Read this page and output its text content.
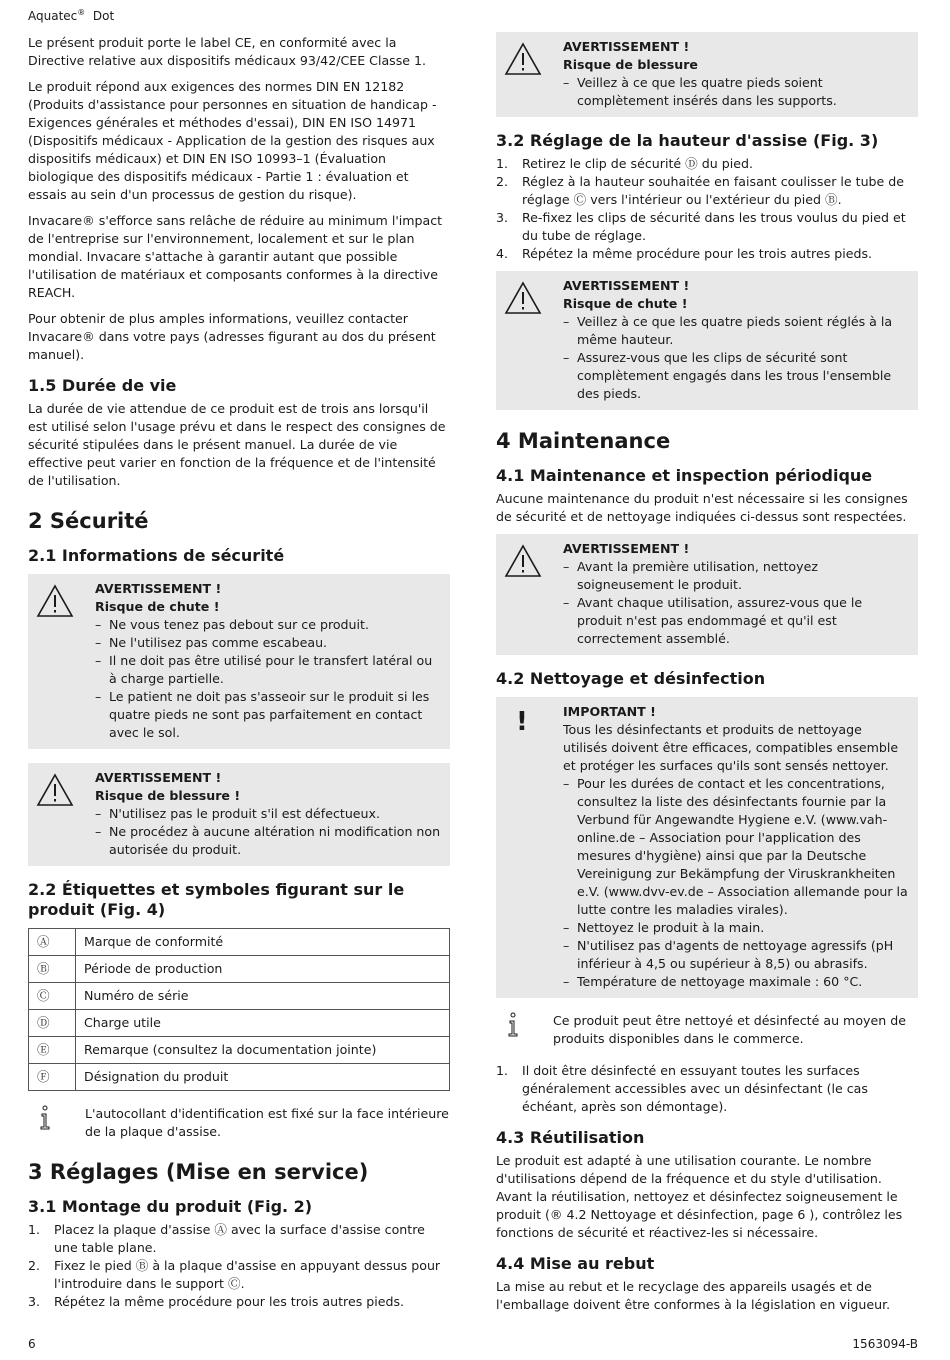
Aquatec® Dot

Le présent produit porte le label CE, en conformité avec la Directive relative aux dispositifs médicaux 93/42/CEE Classe 1.

Le produit répond aux exigences des normes DIN EN 12182 (Produits d'assistance pour personnes en situation de handicap - Exigences générales et méthodes d'essai), DIN EN ISO 14971 (Dispositifs médicaux - Application de la gestion des risques aux dispositifs médicaux) et DIN EN ISO 10993–1 (Évaluation biologique des dispositifs médicaux - Partie 1 : évaluation et essais au sein d'un processus de gestion du risque).

Invacare® s'efforce sans relâche de réduire au minimum l'impact de l'entreprise sur l'environnement, localement et sur le plan mondial. Invacare s'attache à garantir autant que possible l'utilisation de matériaux et composants conformes à la directive REACH.

Pour obtenir de plus amples informations, veuillez contacter Invacare® dans votre pays (adresses figurant au dos du présent manuel).

1.5 Durée de vie

La durée de vie attendue de ce produit est de trois ans lorsqu'il est utilisé selon l'usage prévu et dans le respect des consignes de sécurité stipulées dans le présent manuel. La durée de vie effective peut varier en fonction de la fréquence et de l'intensité de l'utilisation.

2 Sécurité
2.1 Informations de sécurité
AVERTISSEMENT !
Risque de chute !
– Ne vous tenez pas debout sur ce produit.
– Ne l'utilisez pas comme escabeau.
– Il ne doit pas être utilisé pour le transfert latéral ou à charge partielle.
– Le patient ne doit pas s'asseoir sur le produit si les quatre pieds ne sont pas parfaitement en contact avec le sol.
AVERTISSEMENT !
Risque de blessure !
– N'utilisez pas le produit s'il est défectueux.
– Ne procédez à aucune altération ni modification non autorisée du produit.
2.2 Étiquettes et symboles figurant sur le produit (Fig. 4)
Ⓐ	Marque de conformité
Ⓑ	Période de production
Ⓒ	Numéro de série
Ⓓ	Charge utile
Ⓔ	Remarque (consultez la documentation jointe)
Ⓕ	Désignation du produit
L'autocollant d'identification est fixé sur la face intérieure de la plaque d'assise.
3 Réglages (Mise en service)
3.1 Montage du produit (Fig. 2)
1. Placez la plaque d'assise Ⓐ avec la surface d'assise contre une table plane.
2. Fixez le pied Ⓑ à la plaque d'assise en appuyant dessus pour l'introduire dans le support Ⓒ.
3. Répétez la même procédure pour les trois autres pieds.
AVERTISSEMENT !
Risque de blessure
– Veillez à ce que les quatre pieds soient complètement insérés dans les supports.
3.2 Réglage de la hauteur d'assise (Fig. 3)
1. Retirez le clip de sécurité Ⓓ du pied.
2. Réglez à la hauteur souhaitée en faisant coulisser le tube de réglage Ⓒ vers l'intérieur ou l'extérieur du pied Ⓑ.
3. Re-fixez les clips de sécurité dans les trous voulus du pied et du tube de réglage.
4. Répétez la même procédure pour les trois autres pieds.
AVERTISSEMENT !
Risque de chute !
– Veillez à ce que les quatre pieds soient réglés à la même hauteur.
– Assurez-vous que les clips de sécurité sont complètement engagés dans les trous l'ensemble des pieds.
4 Maintenance
4.1 Maintenance et inspection périodique

Aucune maintenance du produit n'est nécessaire si les consignes de sécurité et de nettoyage indiquées ci-dessus sont respectées.

AVERTISSEMENT !
– Avant la première utilisation, nettoyez soigneusement le produit.
– Avant chaque utilisation, assurez-vous que le produit n'est pas endommagé et qu'il est correctement assemblé.
4.2 Nettoyage et désinfection
!	IMPORTANT !
Tous les désinfectants et produits de nettoyage utilisés doivent être efficaces, compatibles ensemble et protéger les surfaces qu'ils sont sensés nettoyer.
– Pour les durées de contact et les concentrations, consultez la liste des désinfectants fournie par la Verbund für Angewandte Hygiene e.V. (www.vah-online.de – Association pour l'application des mesures d'hygiène) ainsi que par la Deutsche Vereinigung zur Bekämpfung der Viruskrankheiten e.V. (www.dvv-ev.de – Association allemande pour la lutte contre les maladies virales).
– Nettoyez le produit à la main.
– N'utilisez pas d'agents de nettoyage agressifs (pH inférieur à 4,5 ou supérieur à 8,5) ou abrasifs.
– Température de nettoyage maximale : 60 °C.
Ce produit peut être nettoyé et désinfecté au moyen de produits disponibles dans le commerce.
1. Il doit être désinfecté en essuyant toutes les surfaces généralement accessibles avec un désinfectant (le cas échéant, après son démontage).
4.3 Réutilisation

Le produit est adapté à une utilisation courante. Le nombre d'utilisations dépend de la fréquence et du style d'utilisation. Avant la réutilisation, nettoyez et désinfectez soigneusement le produit (® 4.2 Nettoyage et désinfection, page 6 ), contrôlez les fonctions de sécurité et réactivez-les si nécessaire.

4.4 Mise au rebut

La mise au rebut et le recyclage des appareils usagés et de l'emballage doivent être conformes à la législation en vigueur.

6	1563094-B
